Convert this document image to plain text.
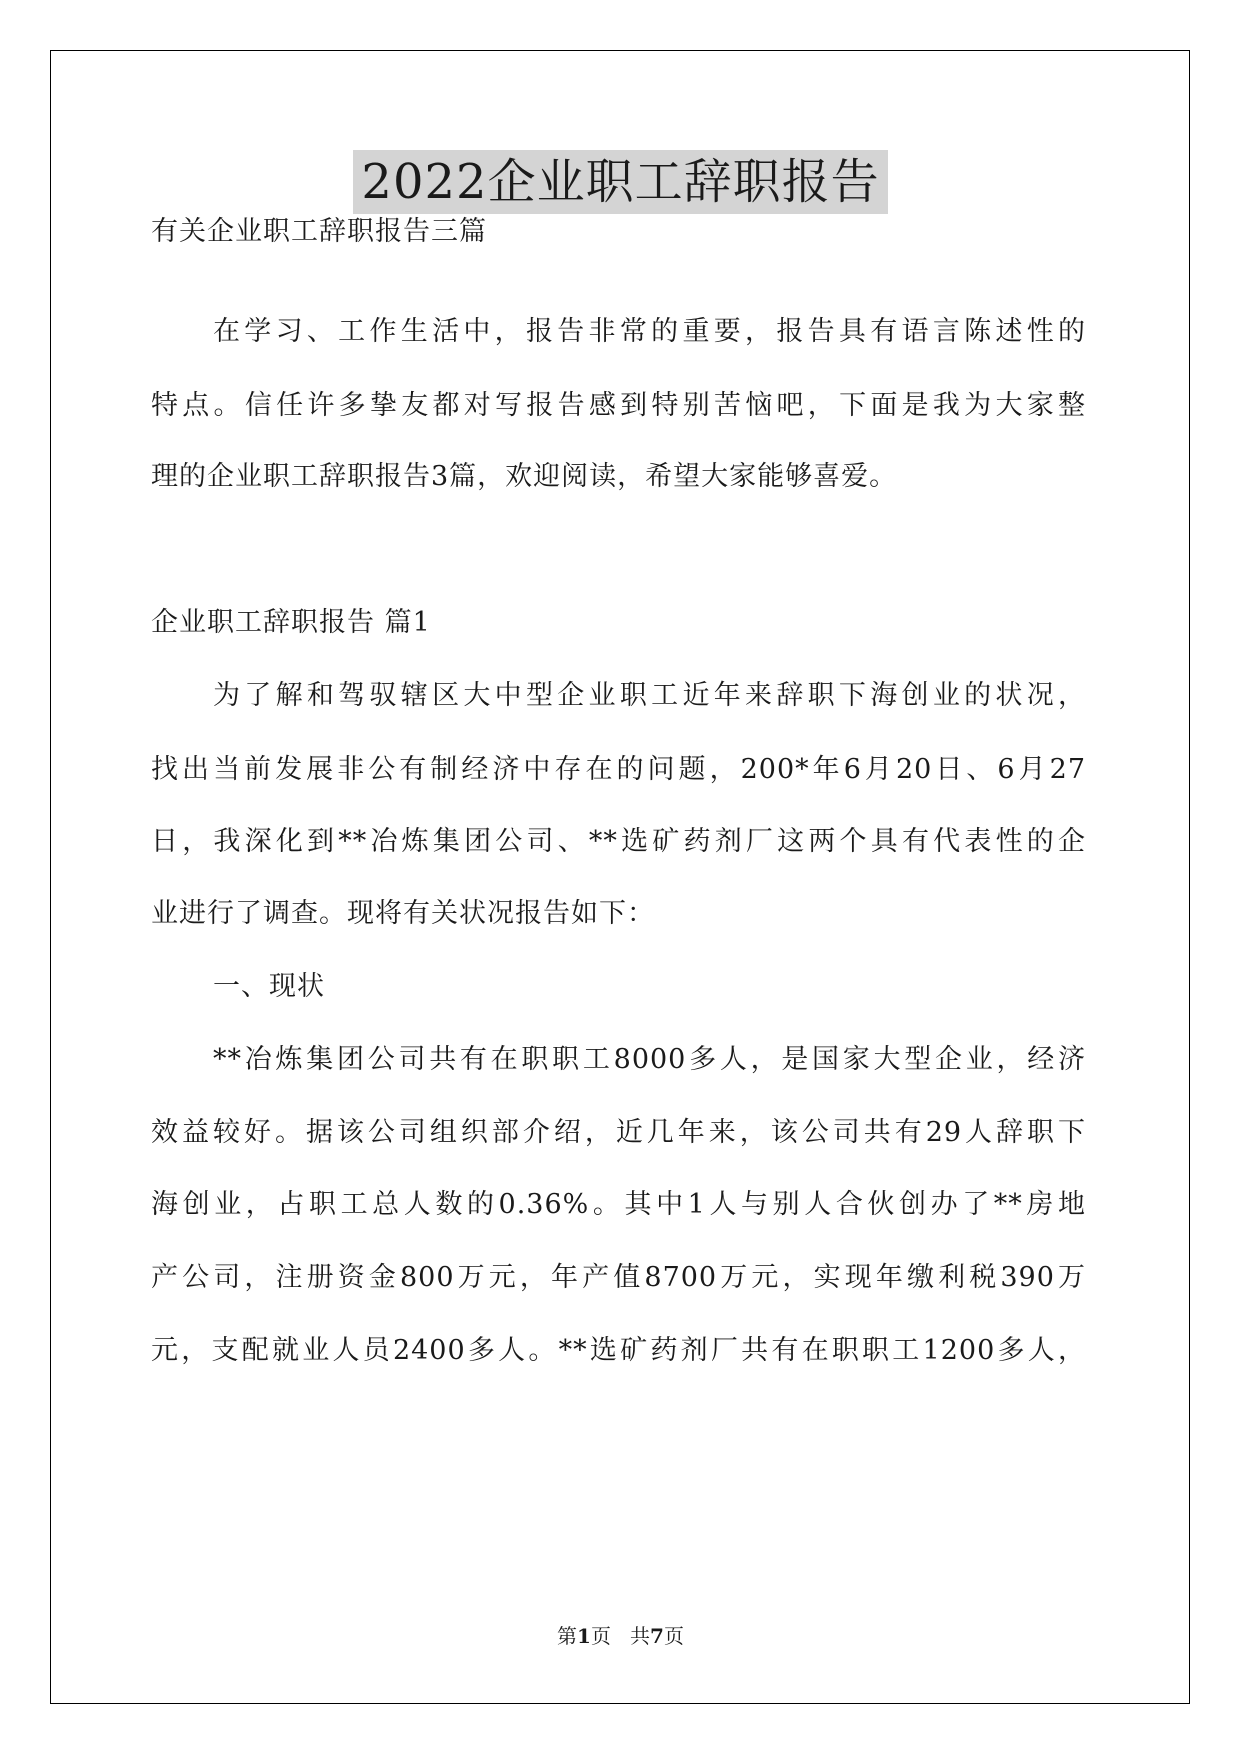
2022企业职工辞职报告
有关企业职工辞职报告三篇
在学习、工作生活中，报告非常的重要，报告具有语言陈述性的
特点。信任许多挚友都对写报告感到特别苦恼吧，下面是我为大家整
理的企业职工辞职报告3篇，欢迎阅读，希望大家能够喜爱。
企业职工辞职报告 篇1
为了解和驾驭辖区大中型企业职工近年来辞职下海创业的状况，
找出当前发展非公有制经济中存在的问题，200*年6月20日、6月27
日，我深化到**冶炼集团公司、**选矿药剂厂这两个具有代表性的企
业进行了调查。现将有关状况报告如下：
一、现状
**冶炼集团公司共有在职职工8000多人，是国家大型企业，经济
效益较好。据该公司组织部介绍，近几年来，该公司共有29人辞职下
海创业，占职工总人数的0.36%。其中1人与别人合伙创办了**房地
产公司，注册资金800万元，年产值8700万元，实现年缴利税390万
元，支配就业人员2400多人。**选矿药剂厂共有在职职工1200多人，
第1页   共7页
